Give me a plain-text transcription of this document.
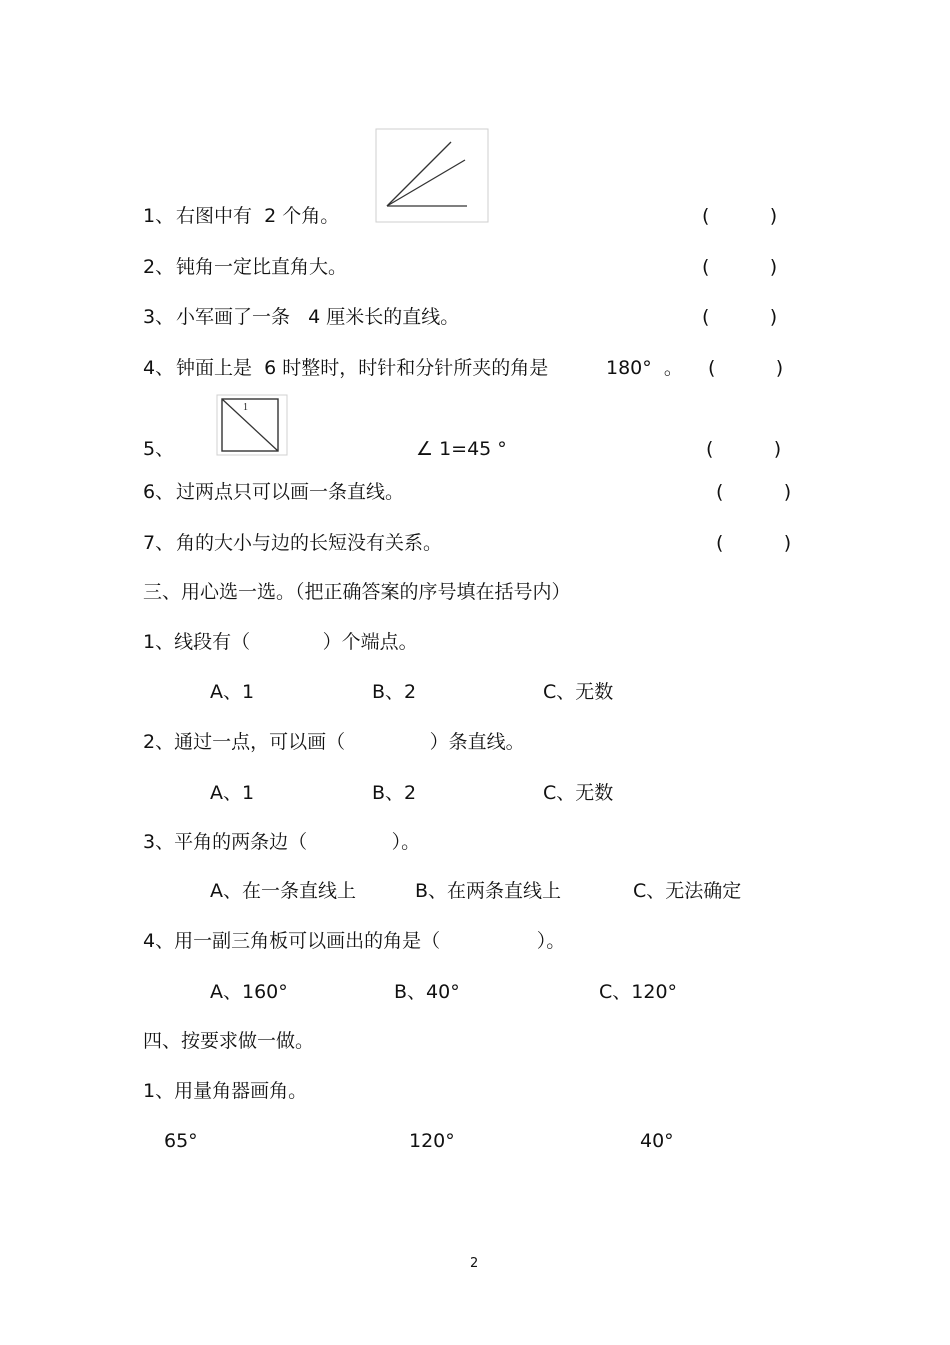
1、 右图中有  2 个角。	(          )
2、 钝角一定比直角大。	(          )
3、 小军画了一条   4 厘米长的直线。	(          )
4、 钟面上是  6 时整时，时针和分针所夹的角是	180°  。 (          )
1
5、	∠ 1=45 °	(          )
6、 过两点只可以画一条直线。	(          )
7、 角的大小与边的长短没有关系。	(          )
三、用心选一选。（把正确答案的序号填在括号内）
1、线段有（            ）个端点。
A、1	B、2	C、无数
2、通过一点，可以画（              ）条直线。
A、1	B、2	C、无数
3、平角的两条边（              ）。
A、在一条直线上	B、在两条直线上	C、无法确定
4、用一副三角板可以画出的角是（                ）。
A、160°	B、40°	C、120°
四、按要求做一做。
1、用量角器画角。
65°	120°	40°
2
